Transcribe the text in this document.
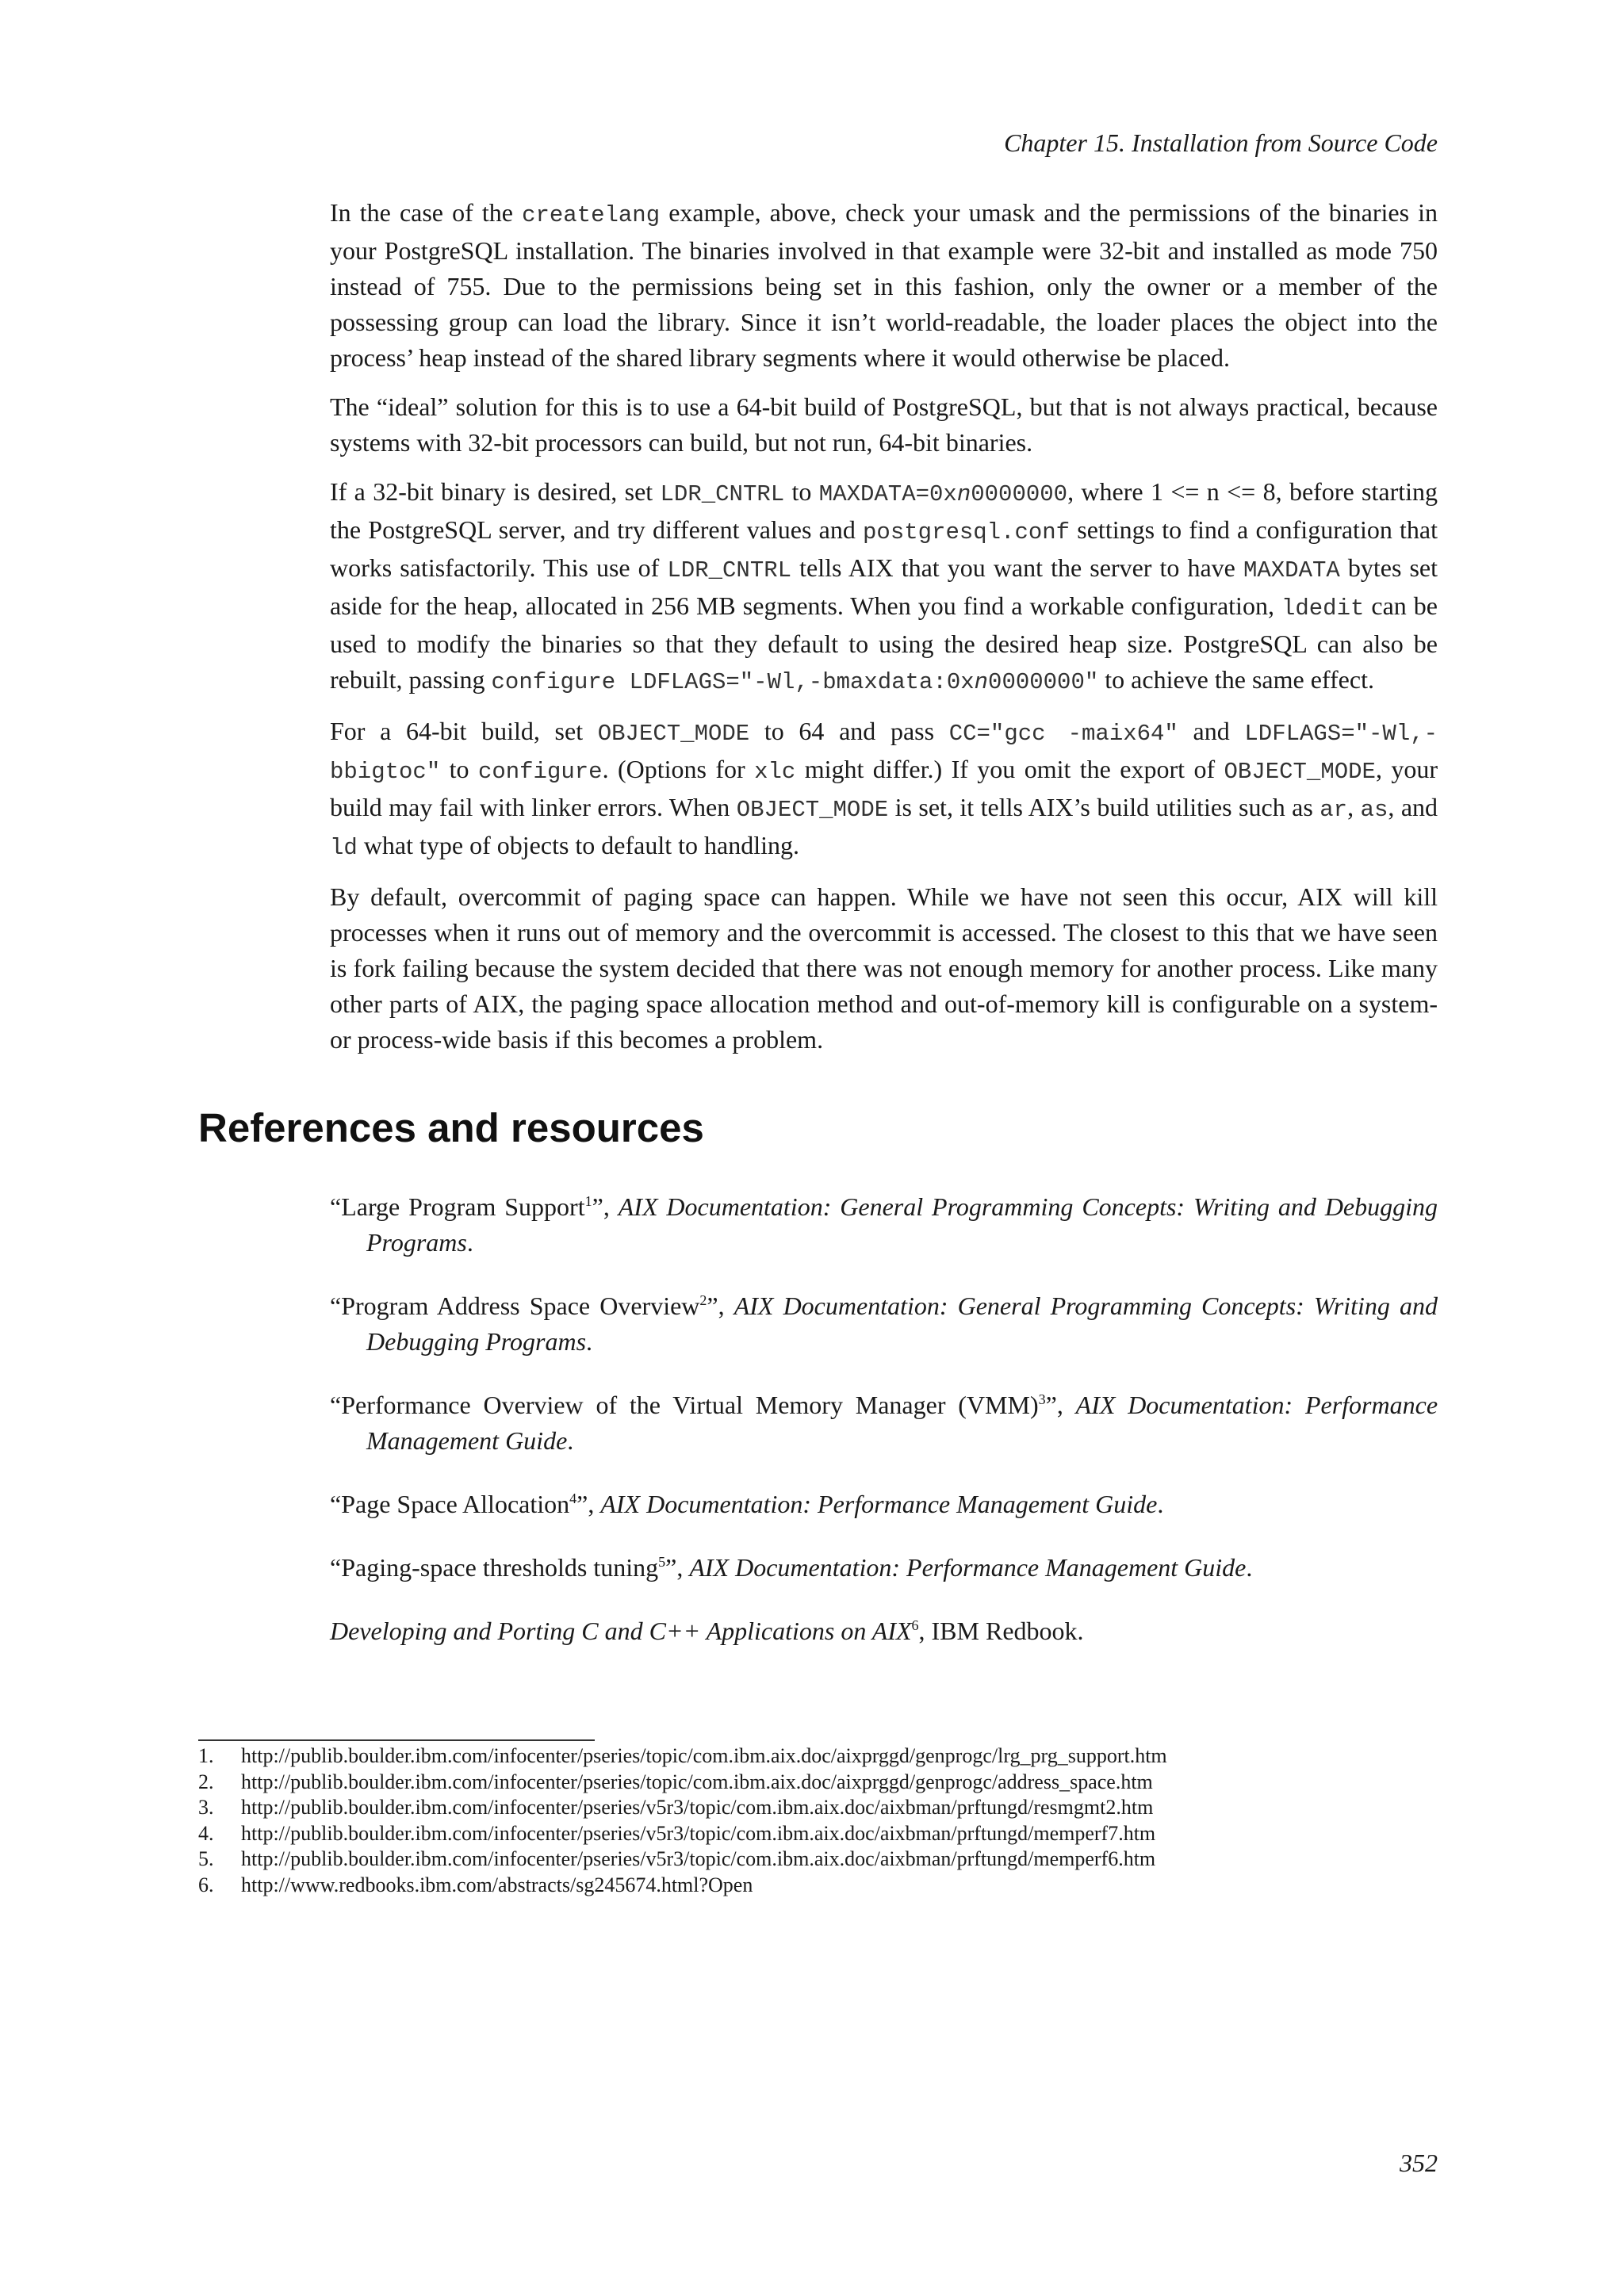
Chapter 15. Installation from Source Code

In the case of the createlang example, above, check your umask and the permissions of the binaries in your PostgreSQL installation. The binaries involved in that example were 32-bit and installed as mode 750 instead of 755. Due to the permissions being set in this fashion, only the owner or a member of the possessing group can load the library. Since it isn’t world-readable, the loader places the object into the process’ heap instead of the shared library segments where it would otherwise be placed.

The “ideal” solution for this is to use a 64-bit build of PostgreSQL, but that is not always practical, because systems with 32-bit processors can build, but not run, 64-bit binaries.

If a 32-bit binary is desired, set LDR_CNTRL to MAXDATA=0xn0000000, where 1 <= n <= 8, before starting the PostgreSQL server, and try different values and postgresql.conf settings to find a configuration that works satisfactorily. This use of LDR_CNTRL tells AIX that you want the server to have MAXDATA bytes set aside for the heap, allocated in 256 MB segments. When you find a workable configuration, ldedit can be used to modify the binaries so that they default to using the desired heap size. PostgreSQL can also be rebuilt, passing configure LDFLAGS="-Wl,-bmaxdata:0xn0000000" to achieve the same effect.

For a 64-bit build, set OBJECT_MODE to 64 and pass CC="gcc -maix64" and LDFLAGS="-Wl,-bbigtoc" to configure. (Options for xlc might differ.) If you omit the export of OBJECT_MODE, your build may fail with linker errors. When OBJECT_MODE is set, it tells AIX’s build utilities such as ar, as, and ld what type of objects to default to handling.

By default, overcommit of paging space can happen. While we have not seen this occur, AIX will kill processes when it runs out of memory and the overcommit is accessed. The closest to this that we have seen is fork failing because the system decided that there was not enough memory for another process. Like many other parts of AIX, the paging space allocation method and out-of-memory kill is configurable on a system- or process-wide basis if this becomes a problem.

References and resources

“Large Program Support$^1$”, AIX Documentation: General Programming Concepts: Writing and Debugging Programs.

“Program Address Space Overview$^2$”, AIX Documentation: General Programming Concepts: Writing and Debugging Programs.

“Performance Overview of the Virtual Memory Manager (VMM)$^3$”, AIX Documentation: Performance Management Guide.

“Page Space Allocation$^4$”, AIX Documentation: Performance Management Guide.

“Paging-space thresholds tuning$^5$”, AIX Documentation: Performance Management Guide.

Developing and Porting C and C++ Applications on AIX$^6$, IBM Redbook.

1. http://publib.boulder.ibm.com/infocenter/pseries/topic/com.ibm.aix.doc/aixprggd/genprogc/lrg_prg_support.htm

2. http://publib.boulder.ibm.com/infocenter/pseries/topic/com.ibm.aix.doc/aixprggd/genprogc/address_space.htm

3. http://publib.boulder.ibm.com/infocenter/pseries/v5r3/topic/com.ibm.aix.doc/aixbman/prftungd/resmgmt2.htm

4. http://publib.boulder.ibm.com/infocenter/pseries/v5r3/topic/com.ibm.aix.doc/aixbman/prftungd/memperf7.htm

5. http://publib.boulder.ibm.com/infocenter/pseries/v5r3/topic/com.ibm.aix.doc/aixbman/prftungd/memperf6.htm

6. http://www.redbooks.ibm.com/abstracts/sg245674.html?Open

352
